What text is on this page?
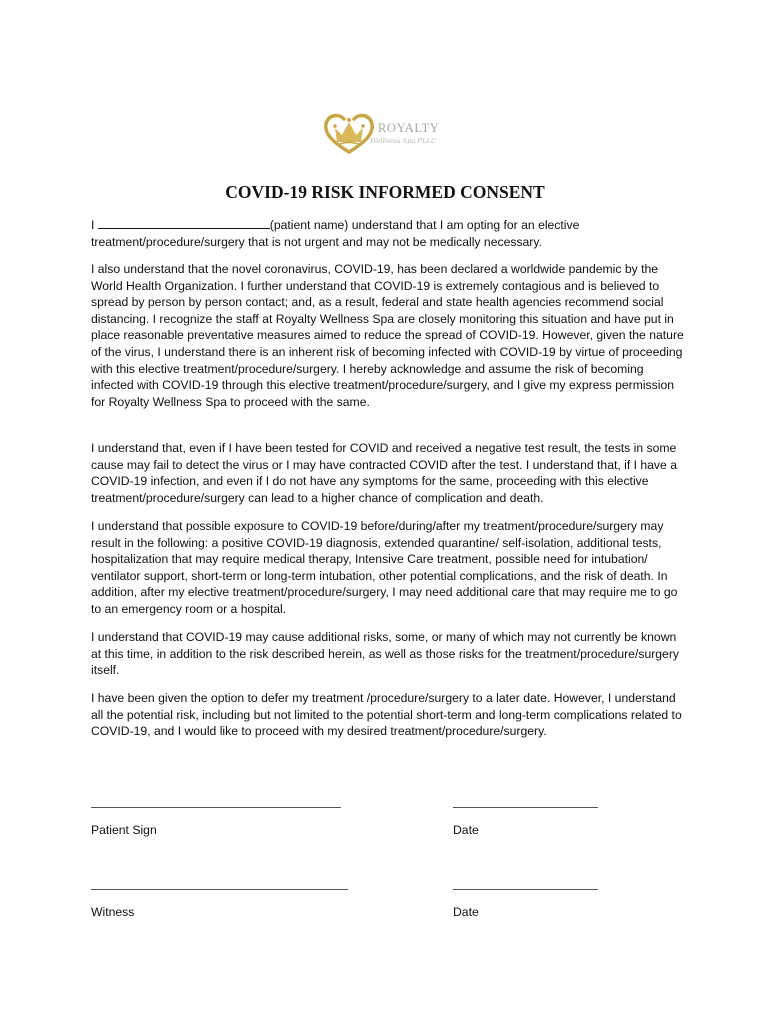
ROYALTY
Wellness Spa PLLC
COVID-19 RISK INFORMED CONSENT

I	(patient name) understand that I am opting for an elective treatment/procedure/surgery that is not urgent and may not be medically necessary.

I also understand that the novel coronavirus, COVID-19, has been declared a worldwide pandemic by the World Health Organization. I further understand that COVID-19 is extremely contagious and is believed to spread by person by person contact; and, as a result, federal and state health agencies recommend social distancing. I recognize the staff at Royalty Wellness Spa are closely monitoring this situation and have put in place reasonable preventative measures aimed to reduce the spread of COVID-19. However, given the nature of the virus, I understand there is an inherent risk of becoming infected with COVID-19 by virtue of proceeding with this elective treatment/procedure/surgery. I hereby acknowledge and assume the risk of becoming infected with COVID-19 through this elective treatment/procedure/surgery, and I give my express permission for Royalty Wellness Spa to proceed with the same.

I understand that, even if I have been tested for COVID and received a negative test result, the tests in some cause may fail to detect the virus or I may have contracted COVID after the test. I understand that, if I have a COVID-19 infection, and even if I do not have any symptoms for the same, proceeding with this elective treatment/procedure/surgery can lead to a higher chance of complication and death.

I understand that possible exposure to COVID-19 before/during/after my treatment/procedure/surgery may result in the following: a positive COVID-19 diagnosis, extended quarantine/ self-isolation, additional tests, hospitalization that may require medical therapy, Intensive Care treatment, possible need for intubation/ ventilator support, short-term or long-term intubation, other potential complications, and the risk of death. In addition, after my elective treatment/procedure/surgery, I may need additional care that may require me to go to an emergency room or a hospital.

I understand that COVID-19 may cause additional risks, some, or many of which may not currently be known at this time, in addition to the risk described herein, as well as those risks for the treatment/procedure/surgery itself.

I have been given the option to defer my treatment /procedure/surgery to a later date. However, I understand all the potential risk, including but not limited to the potential short-term and long-term complications related to COVID-19, and I would like to proceed with my desired treatment/procedure/surgery.

Patient Sign	Date
Witness	Date
